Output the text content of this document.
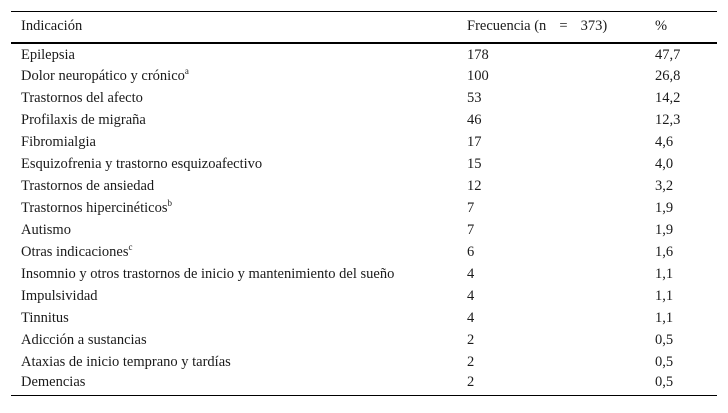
Indicación	Frecuencia (n = 373)	%
Epilepsia	178	47,7
Dolor neuropático y crónico$^a$	100	26,8
Trastornos del afecto	53	14,2
Profilaxis de migraña	46	12,3
Fibromialgia	17	4,6
Esquizofrenia y trastorno esquizoafectivo	15	4,0
Trastornos de ansiedad	12	3,2
Trastornos hipercinéticos$^b$	7	1,9
Autismo	7	1,9
Otras indicaciones$^c$	6	1,6
Insomnio y otros trastornos de inicio y mantenimiento del sueño	4	1,1
Impulsividad	4	1,1
Tinnitus	4	1,1
Adicción a sustancias	2	0,5
Ataxias de inicio temprano y tardías	2	0,5
Demencias	2	0,5
